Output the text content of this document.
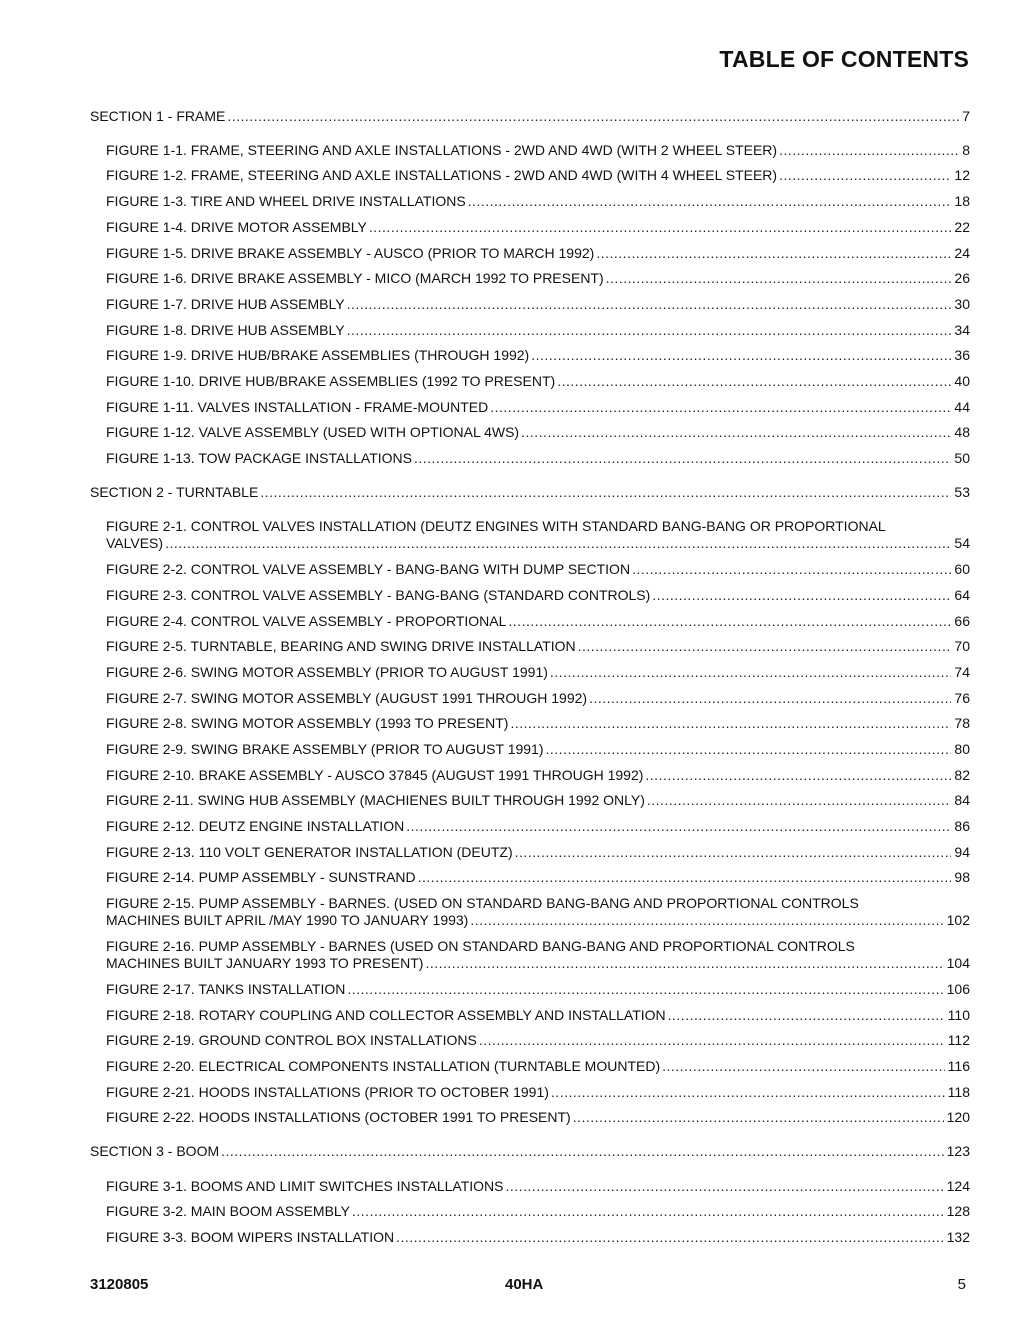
TABLE OF CONTENTS
SECTION 1 - FRAME .....	7
FIGURE 1-1. FRAME, STEERING AND AXLE INSTALLATIONS - 2WD AND 4WD (WITH 2 WHEEL STEER) .....	8
FIGURE 1-2. FRAME, STEERING AND AXLE INSTALLATIONS - 2WD AND 4WD (WITH 4 WHEEL STEER) .....	12
FIGURE 1-3. TIRE AND WHEEL DRIVE INSTALLATIONS .....	18
FIGURE 1-4. DRIVE MOTOR ASSEMBLY .....	22
FIGURE 1-5. DRIVE BRAKE ASSEMBLY - AUSCO (PRIOR TO MARCH 1992) .....	24
FIGURE 1-6. DRIVE BRAKE ASSEMBLY - MICO (MARCH 1992 TO PRESENT) .....	26
FIGURE 1-7. DRIVE HUB ASSEMBLY .....	30
FIGURE 1-8. DRIVE HUB ASSEMBLY .....	34
FIGURE 1-9. DRIVE HUB/BRAKE ASSEMBLIES (THROUGH 1992) .....	36
FIGURE 1-10. DRIVE HUB/BRAKE ASSEMBLIES (1992 TO PRESENT) .....	40
FIGURE 1-11. VALVES INSTALLATION - FRAME-MOUNTED .....	44
FIGURE 1-12. VALVE ASSEMBLY (USED WITH OPTIONAL 4WS) .....	48
FIGURE 1-13. TOW PACKAGE INSTALLATIONS .....	50
SECTION 2 - TURNTABLE .....	53
FIGURE 2-1. CONTROL VALVES INSTALLATION (DEUTZ ENGINES WITH STANDARD BANG-BANG OR PROPORTIONAL
VALVES) .....	54
FIGURE 2-2. CONTROL VALVE ASSEMBLY - BANG-BANG WITH DUMP SECTION .....	60
FIGURE 2-3. CONTROL VALVE ASSEMBLY - BANG-BANG (STANDARD CONTROLS) .....	64
FIGURE 2-4. CONTROL VALVE ASSEMBLY - PROPORTIONAL .....	66
FIGURE 2-5. TURNTABLE, BEARING AND SWING DRIVE INSTALLATION .....	70
FIGURE 2-6. SWING MOTOR ASSEMBLY (PRIOR TO AUGUST 1991) .....	74
FIGURE 2-7. SWING MOTOR ASSEMBLY (AUGUST 1991 THROUGH 1992) .....	76
FIGURE 2-8. SWING MOTOR ASSEMBLY (1993 TO PRESENT) .....	78
FIGURE 2-9. SWING BRAKE ASSEMBLY (PRIOR TO AUGUST 1991) .....	80
FIGURE 2-10. BRAKE ASSEMBLY - AUSCO 37845 (AUGUST 1991 THROUGH 1992) .....	82
FIGURE 2-11. SWING HUB ASSEMBLY (MACHIENES BUILT THROUGH 1992 ONLY) .....	84
FIGURE 2-12. DEUTZ ENGINE INSTALLATION .....	86
FIGURE 2-13. 110 VOLT GENERATOR INSTALLATION (DEUTZ) .....	94
FIGURE 2-14. PUMP ASSEMBLY - SUNSTRAND .....	98
FIGURE 2-15. PUMP ASSEMBLY - BARNES. (USED ON STANDARD BANG-BANG AND PROPORTIONAL CONTROLS
MACHINES BUILT APRIL /MAY 1990 TO JANUARY 1993) .....	102
FIGURE 2-16. PUMP ASSEMBLY - BARNES (USED ON STANDARD BANG-BANG AND PROPORTIONAL CONTROLS
MACHINES BUILT JANUARY 1993 TO PRESENT) .....	104
FIGURE 2-17. TANKS INSTALLATION .....	106
FIGURE 2-18. ROTARY COUPLING AND COLLECTOR ASSEMBLY AND INSTALLATION .....	110
FIGURE 2-19. GROUND CONTROL BOX INSTALLATIONS .....	112
FIGURE 2-20. ELECTRICAL COMPONENTS INSTALLATION (TURNTABLE MOUNTED) .....	116
FIGURE 2-21. HOODS INSTALLATIONS (PRIOR TO OCTOBER 1991) .....	118
FIGURE 2-22. HOODS INSTALLATIONS (OCTOBER 1991 TO PRESENT) .....	120
SECTION 3 - BOOM .....	123
FIGURE 3-1. BOOMS AND LIMIT SWITCHES INSTALLATIONS .....	124
FIGURE 3-2. MAIN BOOM ASSEMBLY .....	128
FIGURE 3-3. BOOM WIPERS INSTALLATION .....	132
3120805	40HA	5
